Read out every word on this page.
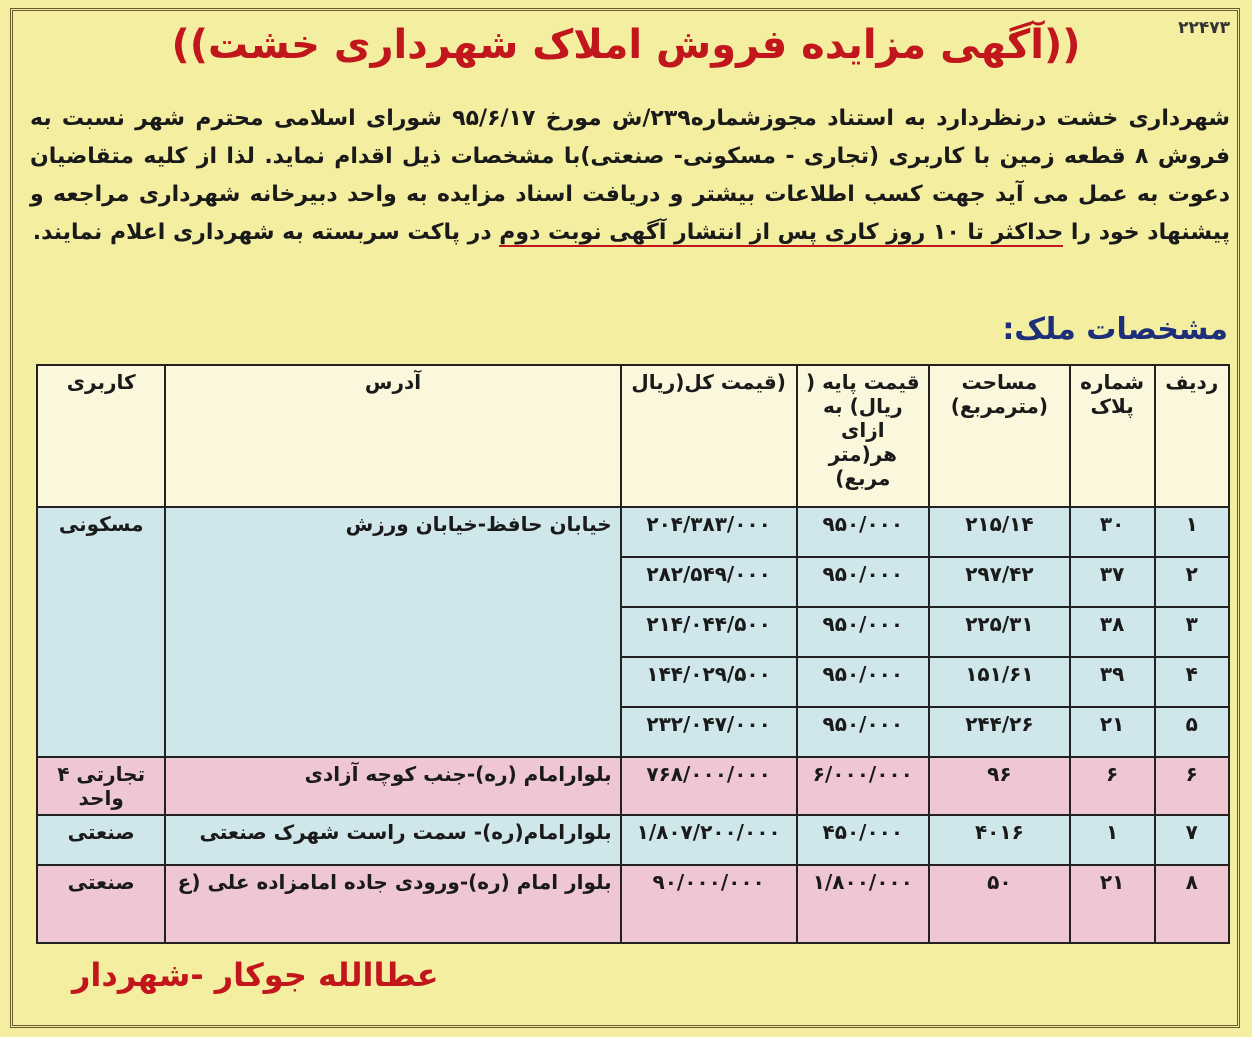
۲۲۴۷۳
((آگهی مزایده فروش املاک شهرداری خشت))
شهرداری خشت درنظردارد به استناد مجوزشماره۲۳۹/ش مورخ ۹۵/۶/۱۷ شورای اسلامی محترم شهر نسبت به فروش ۸ قطعه زمین با کاربری (تجاری - مسکونی- صنعتی)با مشخصات ذیل اقدام نماید. لذا از کلیه متقاضیان دعوت به عمل می آید جهت کسب اطلاعات بیشتر و دریافت اسناد مزایده به واحد دبیرخانه شهرداری مراجعه و پیشنهاد خود را حداکثر تا ۱۰ روز کاری پس از انتشار آگهی نوبت دوم در پاکت سربسته به شهرداری اعلام نمایند.
مشخصات ملک:
ردیف	شماره پلاک	مساحت (مترمربع)	قیمت پایه ( ریال) به ازای هر(متر مربع)	(قیمت کل(ریال	آدرس	کاربری
۱	۳۰	۲۱۵/۱۴	۹۵۰/۰۰۰	۲۰۴/۳۸۳/۰۰۰	خیابان حافظ-خیابان ورزش	مسکونی
۲	۳۷	۲۹۷/۴۲	۹۵۰/۰۰۰	۲۸۲/۵۴۹/۰۰۰		
۳	۳۸	۲۲۵/۳۱	۹۵۰/۰۰۰	۲۱۴/۰۴۴/۵۰۰		
۴	۳۹	۱۵۱/۶۱	۹۵۰/۰۰۰	۱۴۴/۰۲۹/۵۰۰		
۵	۲۱	۲۴۴/۲۶	۹۵۰/۰۰۰	۲۳۲/۰۴۷/۰۰۰		
۶	۶	۹۶	۶/۰۰۰/۰۰۰	۷۶۸/۰۰۰/۰۰۰	بلوارامام (ره)-جنب کوچه آزادی	تجارتی ۴ واحد
۷	۱	۴۰۱۶	۴۵۰/۰۰۰	۱/۸۰۷/۲۰۰/۰۰۰	بلوارامام(ره)- سمت راست شهرک صنعتی	صنعتی
۸	۲۱	۵۰	۱/۸۰۰/۰۰۰	۹۰/۰۰۰/۰۰۰	بلوار امام (ره)-ورودی جاده امامزاده علی (ع	صنعتی
عطاالله جوکار -شهردار
